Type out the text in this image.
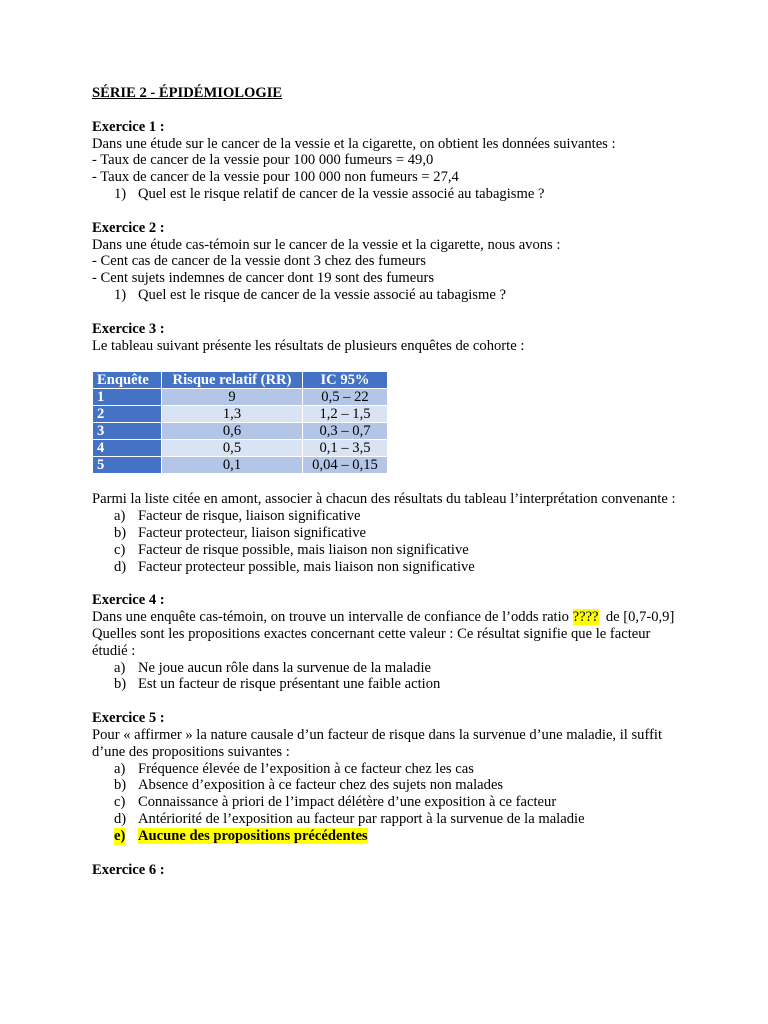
SÉRIE 2 - ÉPIDÉMIOLOGIE
Exercice 1 :
Dans une étude sur le cancer de la vessie et la cigarette, on obtient les données suivantes :
- Taux de cancer de la vessie pour 100 000 fumeurs = 49,0
- Taux de cancer de la vessie pour 100 000 non fumeurs = 27,4
1) Quel est le risque relatif de cancer de la vessie associé au tabagisme ?
Exercice 2 :
Dans une étude cas-témoin sur le cancer de la vessie et la cigarette, nous avons :
- Cent cas de cancer de la vessie dont 3 chez des fumeurs
- Cent sujets indemnes de cancer dont 19 sont des fumeurs
1) Quel est le risque de cancer de la vessie associé au tabagisme ?
Exercice 3 :
Le tableau suivant présente les résultats de plusieurs enquêtes de cohorte :
Enquête	Risque relatif (RR)	IC 95%
1	9	0,5 – 22
2	1,3	1,2 – 1,5
3	0,6	0,3 – 0,7
4	0,5	0,1 – 3,5
5	0,1	0,04 – 0,15
Parmi la liste citée en amont, associer à chacun des résultats du tableau l’interprétation convenante :
a) Facteur de risque, liaison significative
b) Facteur protecteur, liaison significative
c) Facteur de risque possible, mais liaison non significative
d) Facteur protecteur possible, mais liaison non significative
Exercice 4 :
Dans une enquête cas-témoin, on trouve un intervalle de confiance de l’odds ratio ????  de [0,7-0,9]
Quelles sont les propositions exactes concernant cette valeur : Ce résultat signifie que le facteur étudié :
a) Ne joue aucun rôle dans la survenue de la maladie
b) Est un facteur de risque présentant une faible action
Exercice 5 :
Pour « affirmer » la nature causale d’un facteur de risque dans la survenue d’une maladie, il suffit d’une des propositions suivantes :
a) Fréquence élevée de l’exposition à ce facteur chez les cas
b) Absence d’exposition à ce facteur chez des sujets non malades
c) Connaissance à priori de l’impact délétère d’une exposition à ce facteur
d) Antériorité de l’exposition au facteur par rapport à la survenue de la maladie
e) Aucune des propositions précédentes
Exercice 6 :
